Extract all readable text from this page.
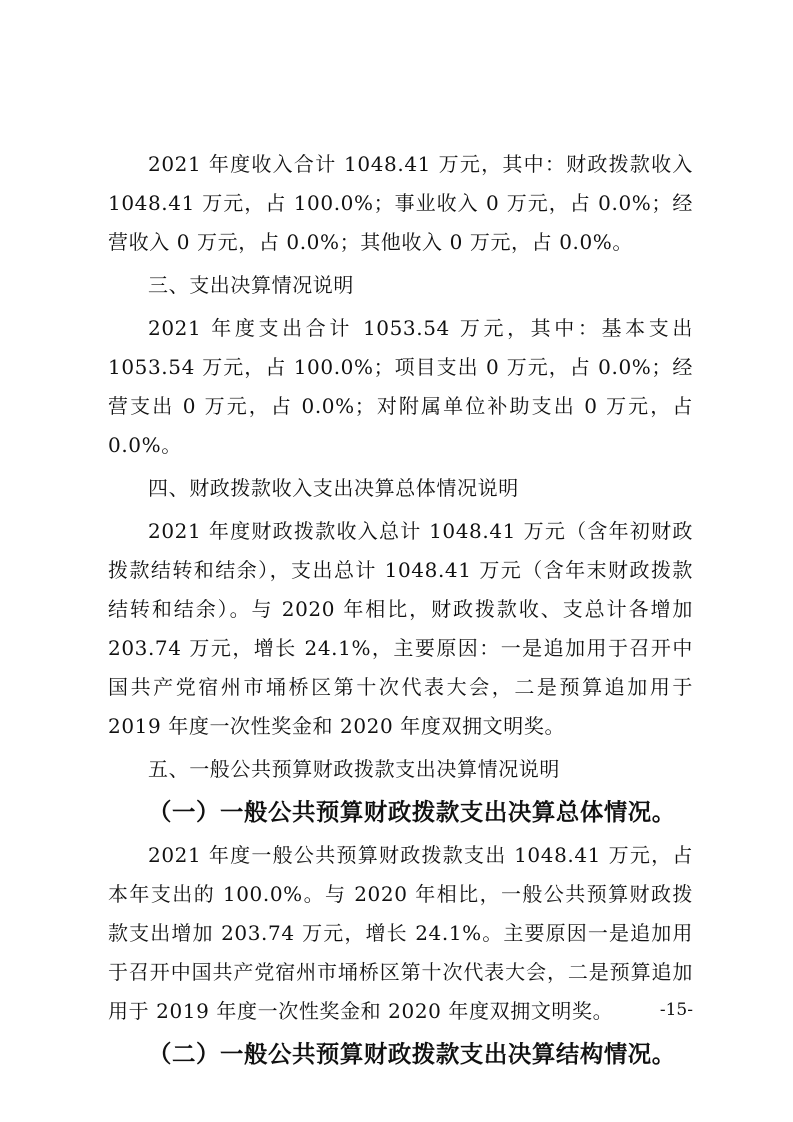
2021 年度收入合计 1048.41 万元，其中：财政拨款收入 1048.41 万元，占 100.0%；事业收入 0 万元，占 0.0%；经营收入 0 万元，占 0.0%；其他收入 0 万元，占 0.0%。

三、支出决算情况说明

2021 年度支出合计 1053.54 万元，其中：基本支出 1053.54 万元，占 100.0%；项目支出 0 万元，占 0.0%；经营支出 0 万元，占 0.0%；对附属单位补助支出 0 万元，占 0.0%。

四、财政拨款收入支出决算总体情况说明

2021 年度财政拨款收入总计 1048.41 万元（含年初财政拨款结转和结余），支出总计 1048.41 万元（含年末财政拨款结转和结余）。与 2020 年相比，财政拨款收、支总计各增加 203.74 万元，增长 24.1%，主要原因：一是追加用于召开中国共产党宿州市埇桥区第十次代表大会，二是预算追加用于 2019 年度一次性奖金和 2020 年度双拥文明奖。

五、一般公共预算财政拨款支出决算情况说明
（一）一般公共预算财政拨款支出决算总体情况。

2021 年度一般公共预算财政拨款支出 1048.41 万元，占本年支出的 100.0%。与 2020 年相比，一般公共预算财政拨款支出增加 203.74 万元，增长 24.1%。主要原因一是追加用于召开中国共产党宿州市埇桥区第十次代表大会，二是预算追加用于 2019 年度一次性奖金和 2020 年度双拥文明奖。

（二）一般公共预算财政拨款支出决算结构情况。
-15-
